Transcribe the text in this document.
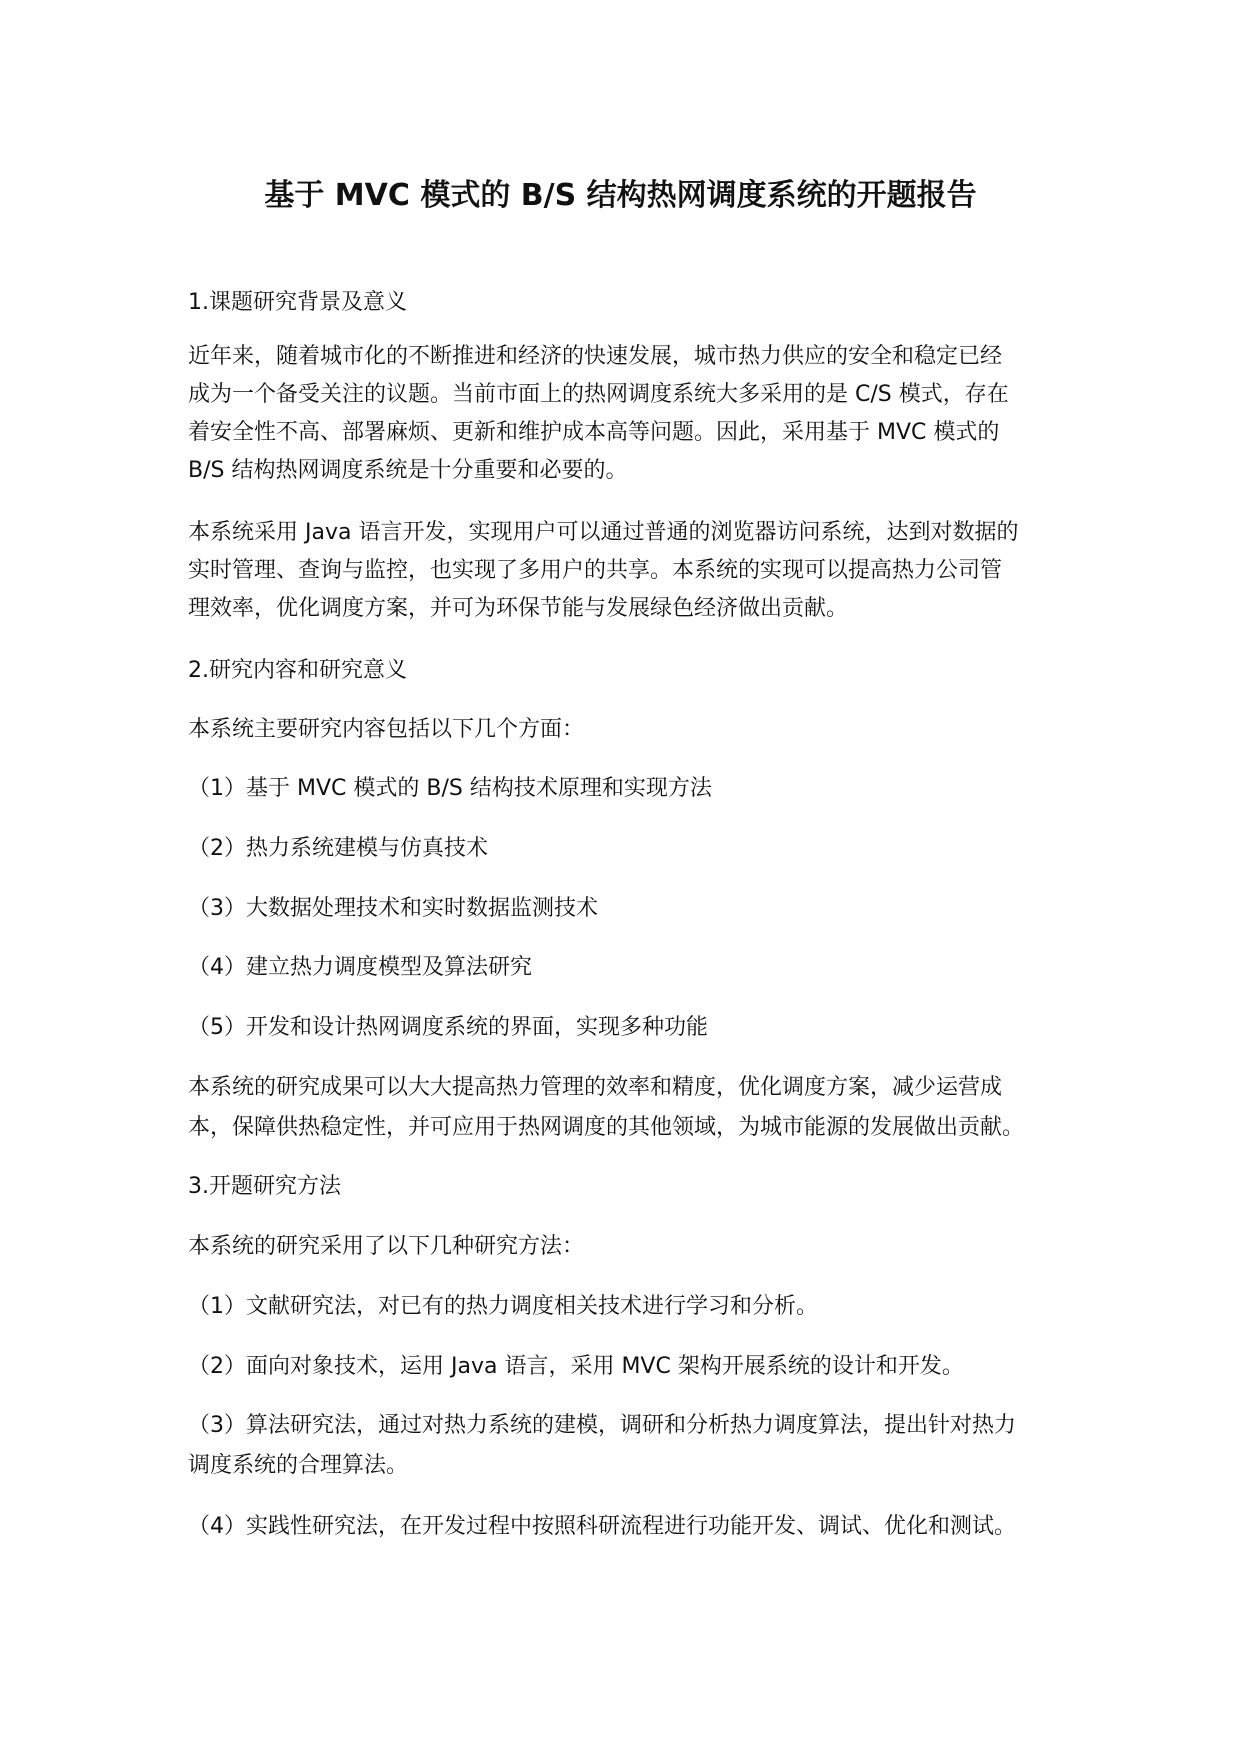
基于 MVC 模式的 B/S 结构热网调度系统的开题报告

1.课题研究背景及意义

近年来，随着城市化的不断推进和经济的快速发展，城市热力供应的安全和稳定已经

成为一个备受关注的议题。当前市面上的热网调度系统大多采用的是 C/S 模式，存在

着安全性不高、部署麻烦、更新和维护成本高等问题。因此，采用基于 MVC 模式的

B/S 结构热网调度系统是十分重要和必要的。

本系统采用 Java 语言开发，实现用户可以通过普通的浏览器访问系统，达到对数据的

实时管理、查询与监控，也实现了多用户的共享。本系统的实现可以提高热力公司管

理效率，优化调度方案，并可为环保节能与发展绿色经济做出贡献。

2.研究内容和研究意义

本系统主要研究内容包括以下几个方面：

（1）基于 MVC 模式的 B/S 结构技术原理和实现方法

（2）热力系统建模与仿真技术

（3）大数据处理技术和实时数据监测技术

（4）建立热力调度模型及算法研究

（5）开发和设计热网调度系统的界面，实现多种功能

本系统的研究成果可以大大提高热力管理的效率和精度，优化调度方案，减少运营成

本，保障供热稳定性，并可应用于热网调度的其他领域，为城市能源的发展做出贡献。

3.开题研究方法

本系统的研究采用了以下几种研究方法：

（1）文献研究法，对已有的热力调度相关技术进行学习和分析。

（2）面向对象技术，运用 Java 语言，采用 MVC 架构开展系统的设计和开发。

（3）算法研究法，通过对热力系统的建模，调研和分析热力调度算法，提出针对热力

调度系统的合理算法。

（4）实践性研究法，在开发过程中按照科研流程进行功能开发、调试、优化和测试。
